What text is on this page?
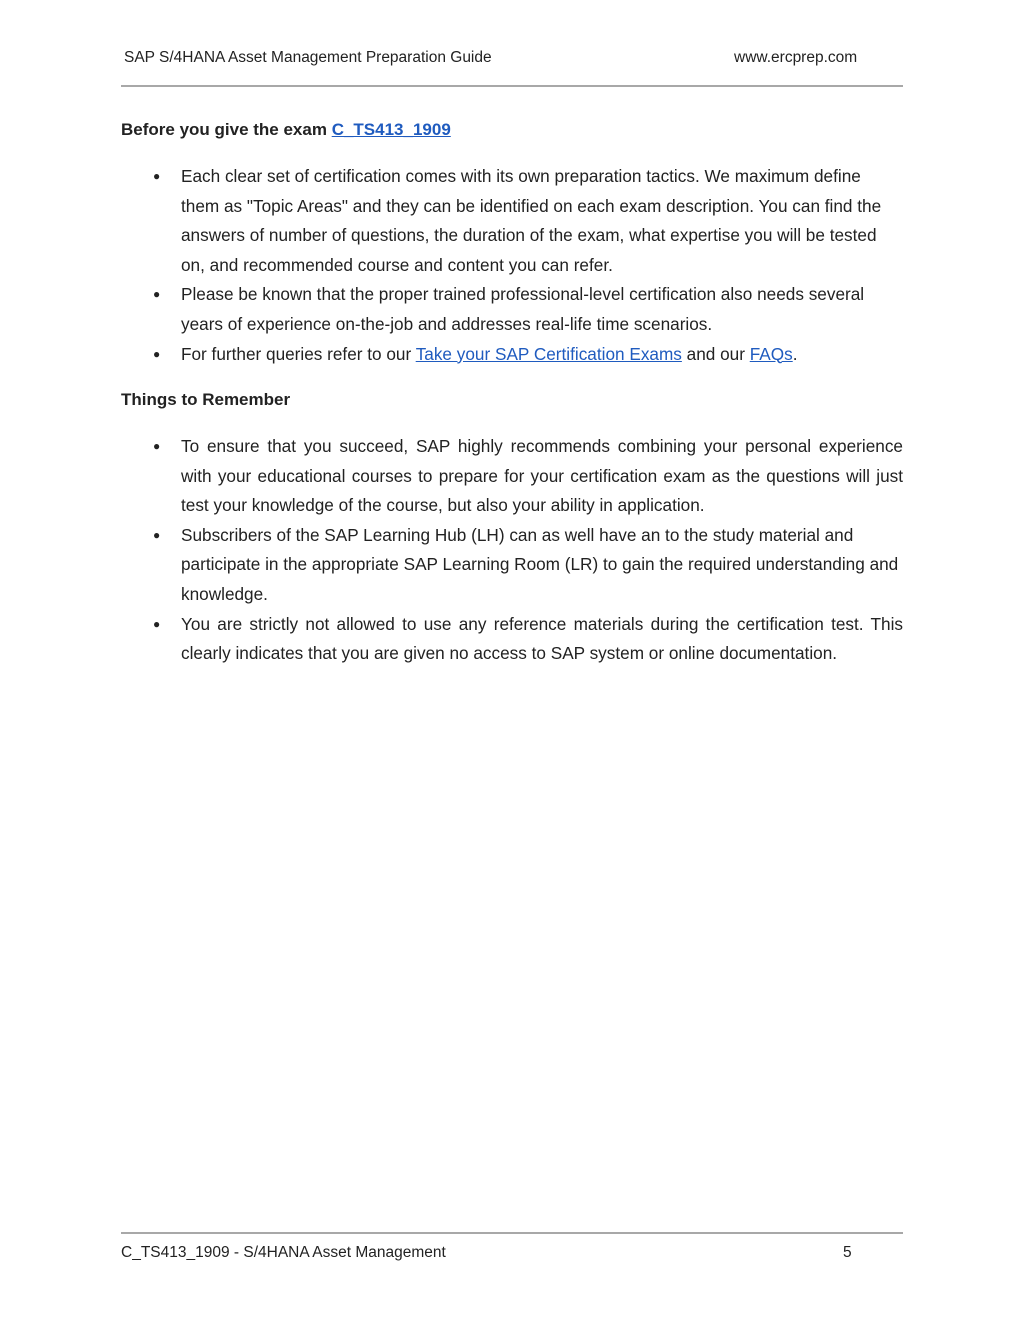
SAP S/4HANA Asset Management Preparation Guide	www.ercprep.com
Before you give the exam C_TS413_1909
● Each clear set of certification comes with its own preparation tactics. We maximum define them as "Topic Areas" and they can be identified on each exam description. You can find the answers of number of questions, the duration of the exam, what expertise you will be tested on, and recommended course and content you can refer.
● Please be known that the proper trained professional-level certification also needs several years of experience on-the-job and addresses real-life time scenarios.
● For further queries refer to our Take your SAP Certification Exams and our FAQs.
Things to Remember
● To ensure that you succeed, SAP highly recommends combining your personal experience with your educational courses to prepare for your certification exam as the questions will just test your knowledge of the course, but also your ability in application.
● Subscribers of the SAP Learning Hub (LH) can as well have an to the study material and participate in the appropriate SAP Learning Room (LR) to gain the required understanding and knowledge.
● You are strictly not allowed to use any reference materials during the certification test. This clearly indicates that you are given no access to SAP system or online documentation.
C_TS413_1909 - S/4HANA Asset Management	5
